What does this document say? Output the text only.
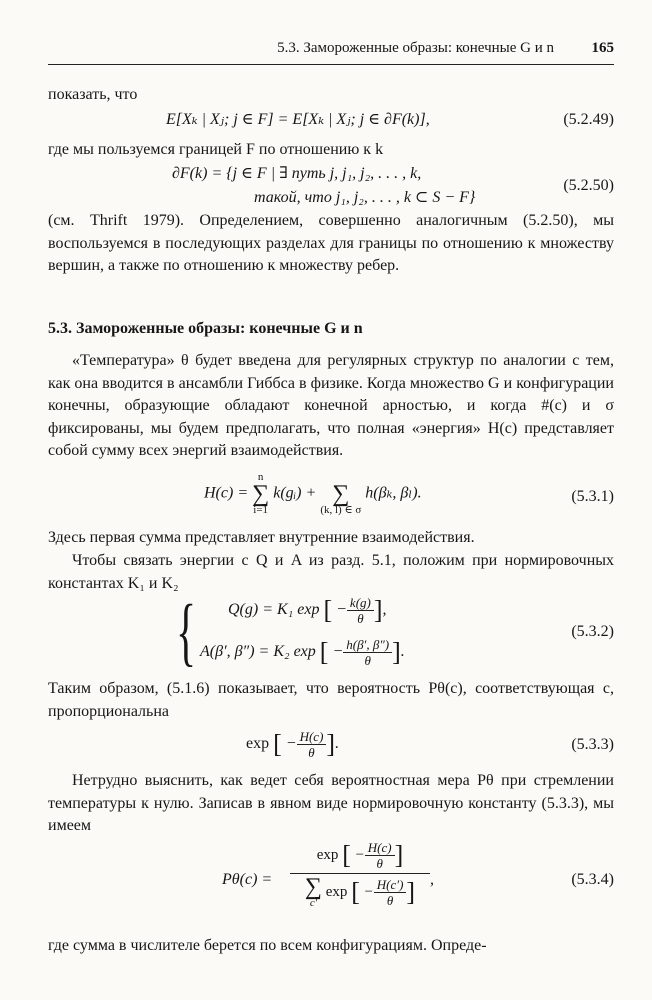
5.3. Замороженные образы: конечные G и n	165
показать, что
E[Xₖ | Xⱼ; j ∈ F] = E[Xₖ | Xⱼ; j ∈ ∂F(k)],	(5.2.49)
где мы пользуемся границей F по отношению к k
∂F(k) = {j ∈ F | ∃ путь j, j₁, j₂, . . . , k,
такой, что j₁, j₂, . . . , k ⊂ S − F}
(5.2.50)

(см. Thrift 1979). Определением, совершенно аналогичным (5.2.50), мы воспользуемся в последующих разделах для границы по отношению к множеству вершин, а также по отношению к множеству ребер.

5.3. Замороженные образы: конечные G и n

«Температура» θ будет введена для регулярных структур по аналогии с тем, как она вводится в ансамбли Гиббса в физике. Когда множество G и конфигурации конечны, образующие обладают конечной арностью, и когда #(c) и σ фиксированы, мы будем предполагать, что полная «энергия» H(c) представляет собой сумму всех энергий взаимодействия.

H(c) =
n
∑
i=1
k(gᵢ) +
∑
(k, l) ∈ σ
h(βₖ, βₗ).	(5.3.1)
Здесь первая сумма представляет внутренние взаимодействия.

Чтобы связать энергии с Q и A из разд. 5.1, положим при нормировочных константах K₁ и K₂

{ Q(g) = K₁ exp [ − $\frac{k(g)}{\theta}$ ],
A(β′, β″) = K₂ exp [ − $\frac{h(\beta', \beta'')}{\theta}$ ].
(5.3.2)

Таким образом, (5.1.6) показывает, что вероятность Pθ(c), соответствующая c, пропорциональна

exp [ − $\frac{H(c)}{\theta}$ ].	(5.3.3)

Нетрудно выяснить, как ведет себя вероятностная мера Pθ при стремлении температуры к нулю. Записав в явном виде нормировочную константу (5.3.3), мы имеем

Pθ(c) = exp [ − $\frac{H(c)}{\theta}$ ]
∑
c′
exp [ − $\frac{H(c')}{\theta}$ ] ,	(5.3.4)
где сумма в числителе берется по всем конфигурациям. Опреде-
